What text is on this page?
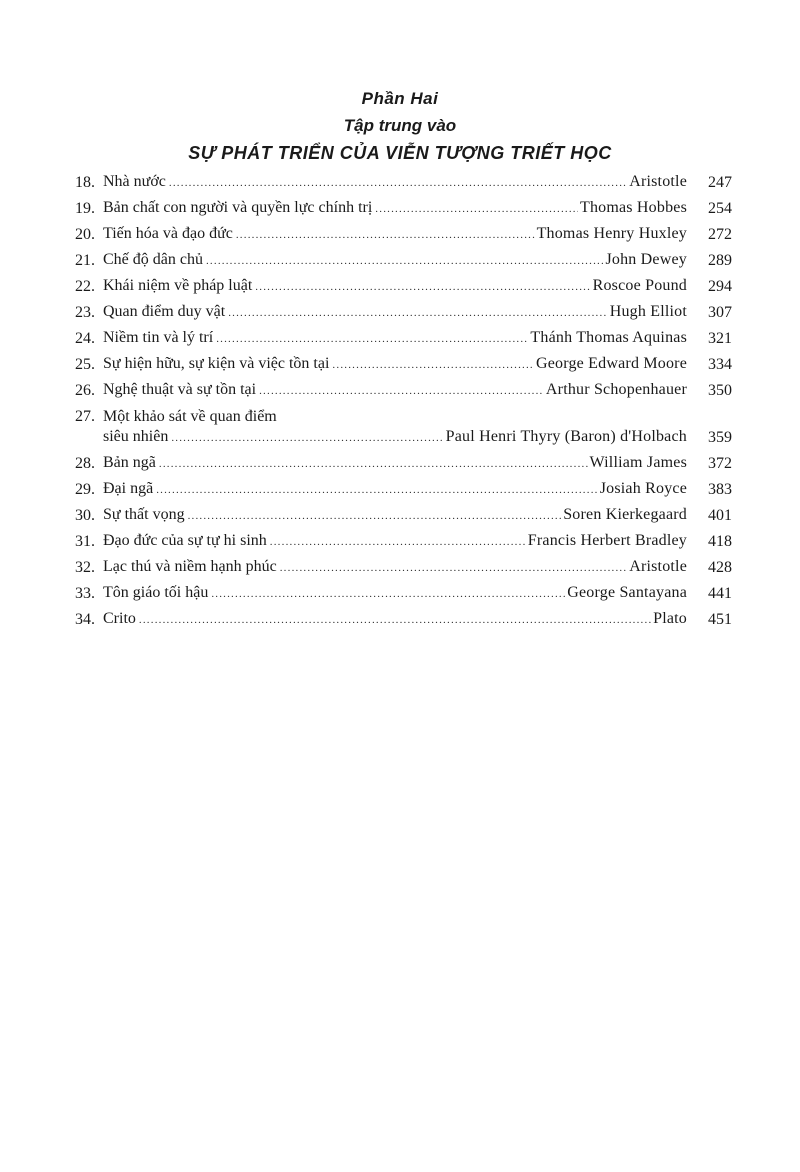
Phần Hai
Tập trung vào
SỰ PHÁT TRIỂN CỦA VIỄN TƯỢNG TRIẾT HỌC
18. Nhà nước .....	Aristotle	247
19. Bản chất con người và quyền lực chính trị .....	Thomas Hobbes	254
20. Tiến hóa và đạo đức .....	Thomas Henry Huxley	272
21. Chế độ dân chủ .....	John Dewey	289
22. Khái niệm về pháp luật .....	Roscoe Pound	294
23. Quan điểm duy vật .....	Hugh Elliot	307
24. Niềm tin và lý trí .....	Thánh Thomas Aquinas	321
25. Sự hiện hữu, sự kiện và việc tồn tại .....	George Edward Moore	334
26. Nghệ thuật và sự tồn tại .....	Arthur Schopenhauer	350
27. Một khảo sát về quan điểm
siêu nhiên .....	Paul Henri Thyry (Baron) d'Holbach	359
28. Bản ngã .....	William James	372
29. Đại ngã .....	Josiah Royce	383
30. Sự thất vọng .....	Soren Kierkegaard	401
31. Đạo đức của sự tự hi sinh .....	Francis Herbert Bradley	418
32. Lạc thú và niềm hạnh phúc .....	Aristotle	428
33. Tôn giáo tối hậu .....	George Santayana	441
34. Crito .....	Plato	451
